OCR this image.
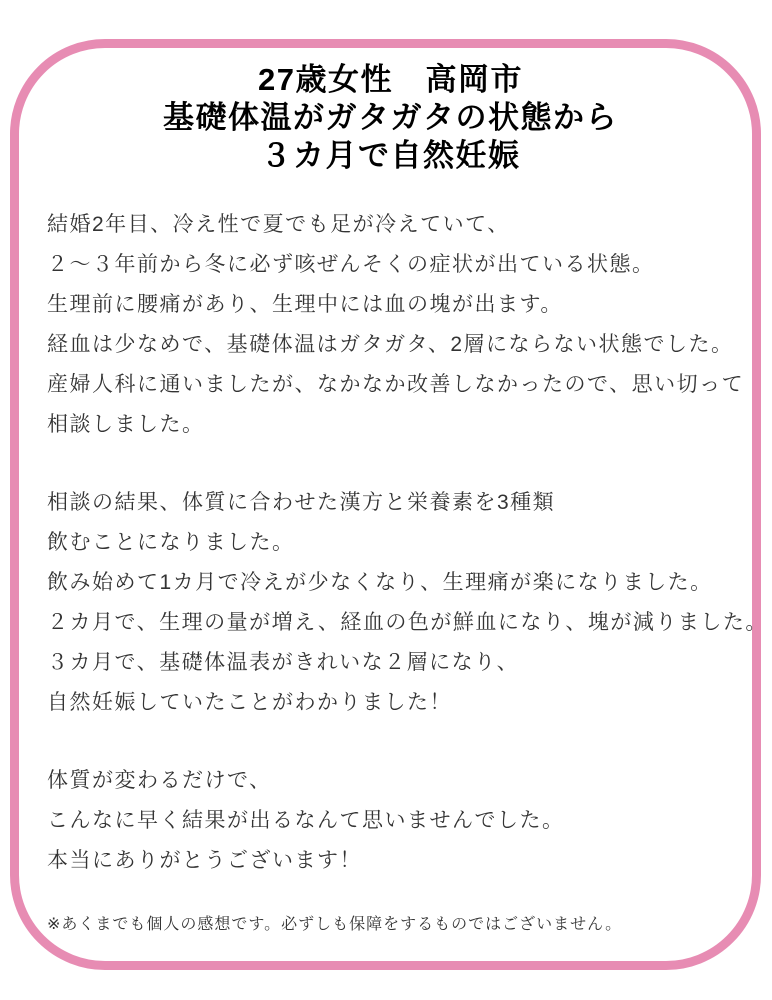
27歳女性　高岡市
基礎体温がガタガタの状態から
３カ月で自然妊娠
結婚2年目、冷え性で夏でも足が冷えていて、
２～３年前から冬に必ず咳ぜんそくの症状が出ている状態。
生理前に腰痛があり、生理中には血の塊が出ます。
経血は少なめで、基礎体温はガタガタ、2層にならない状態でした。
産婦人科に通いましたが、なかなか改善しなかったので、思い切って
相談しました。
相談の結果、体質に合わせた漢方と栄養素を3種類
飲むことになりました。
飲み始めて1カ月で冷えが少なくなり、生理痛が楽になりました。
２カ月で、生理の量が増え、経血の色が鮮血になり、塊が減りました。
３カ月で、基礎体温表がきれいな２層になり、
自然妊娠していたことがわかりました！
体質が変わるだけで、
こんなに早く結果が出るなんて思いませんでした。
本当にありがとうございます！
※あくまでも個人の感想です。必ずしも保障をするものではございません。
